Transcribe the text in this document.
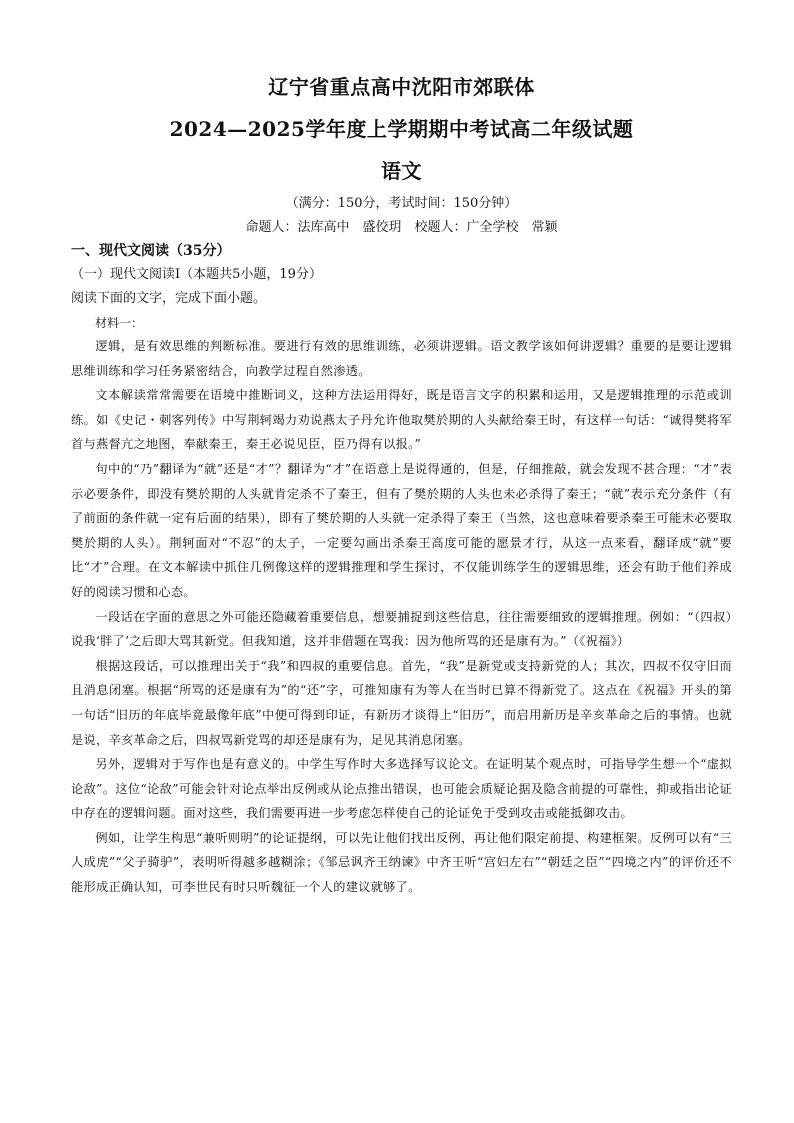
辽宁省重点高中沈阳市郊联体
2024—2025学年度上学期期中考试高二年级试题
语文

（满分：150分，考试时间：150分钟）

命题人：法库高中　盛佼玥　校题人：广全学校　常颖

一、现代文阅读（35分）

（一）现代文阅读Ⅰ（本题共5小题，19分）

阅读下面的文字，完成下面小题。

材料一：

逻辑，是有效思维的判断标准。要进行有效的思维训练，必须讲逻辑。语文教学该如何讲逻辑？重要的是要让逻辑思维训练和学习任务紧密结合，向教学过程自然渗透。

文本解读常常需要在语境中推断词义，这种方法运用得好，既是语言文字的积累和运用，又是逻辑推理的示范或训练。如《史记・刺客列传》中写荆轲竭力劝说燕太子丹允许他取樊於期的人头献给秦王时，有这样一句话：“诚得樊将军首与燕督亢之地图，奉献秦王，秦王必说见臣，臣乃得有以报。”

句中的“乃”翻译为“就”还是“才”？翻译为“才”在语意上是说得通的，但是，仔细推敲，就会发现不甚合理：“才”表示必要条件，即没有樊於期的人头就肯定杀不了秦王，但有了樊於期的人头也未必杀得了秦王；“就”表示充分条件（有了前面的条件就一定有后面的结果），即有了樊於期的人头就一定杀得了秦王（当然，这也意味着要杀秦王可能未必要取樊於期的人头）。荆轲面对“不忍”的太子，一定要勾画出杀秦王高度可能的愿景才行，从这一点来看，翻译成“就”要比“才”合理。在文本解读中抓住几例像这样的逻辑推理和学生探讨，不仅能训练学生的逻辑思维，还会有助于他们养成好的阅读习惯和心态。

一段话在字面的意思之外可能还隐藏着重要信息，想要捕捉到这些信息，往往需要细致的逻辑推理。例如：“（四叔）说我‘胖了’之后即大骂其新党。但我知道，这并非借题在骂我：因为他所骂的还是康有为。”（《祝福》）

根据这段话，可以推理出关于“我”和四叔的重要信息。首先，“我”是新党或支持新党的人；其次，四叔不仅守旧而且消息闭塞。根据“所骂的还是康有为”的“还”字，可推知康有为等人在当时已算不得新党了。这点在《祝福》开头的第一句话“旧历的年底毕竟最像年底”中便可得到印证，有新历才谈得上“旧历”，而启用新历是辛亥革命之后的事情。也就是说，辛亥革命之后，四叔骂新党骂的却还是康有为，足见其消息闭塞。

另外，逻辑对于写作也是有意义的。中学生写作时大多选择写议论文。在证明某个观点时，可指导学生想一个“虚拟论敌”。这位“论敌”可能会针对论点举出反例或从论点推出错误，也可能会质疑论据及隐含前提的可靠性，抑或指出论证中存在的逻辑问题。面对这些，我们需要再进一步考虑怎样使自己的论证免于受到攻击或能抵御攻击。

例如，让学生构思“兼听则明”的论证提纲，可以先让他们找出反例，再让他们限定前提、构建框架。反例可以有“三人成虎”“父子骑驴”，表明听得越多越糊涂；《邹忌讽齐王纳谏》中齐王听“宫妇左右”“朝廷之臣”“四境之内”的评价还不能形成正确认知，可李世民有时只听魏征一个人的建议就够了。
